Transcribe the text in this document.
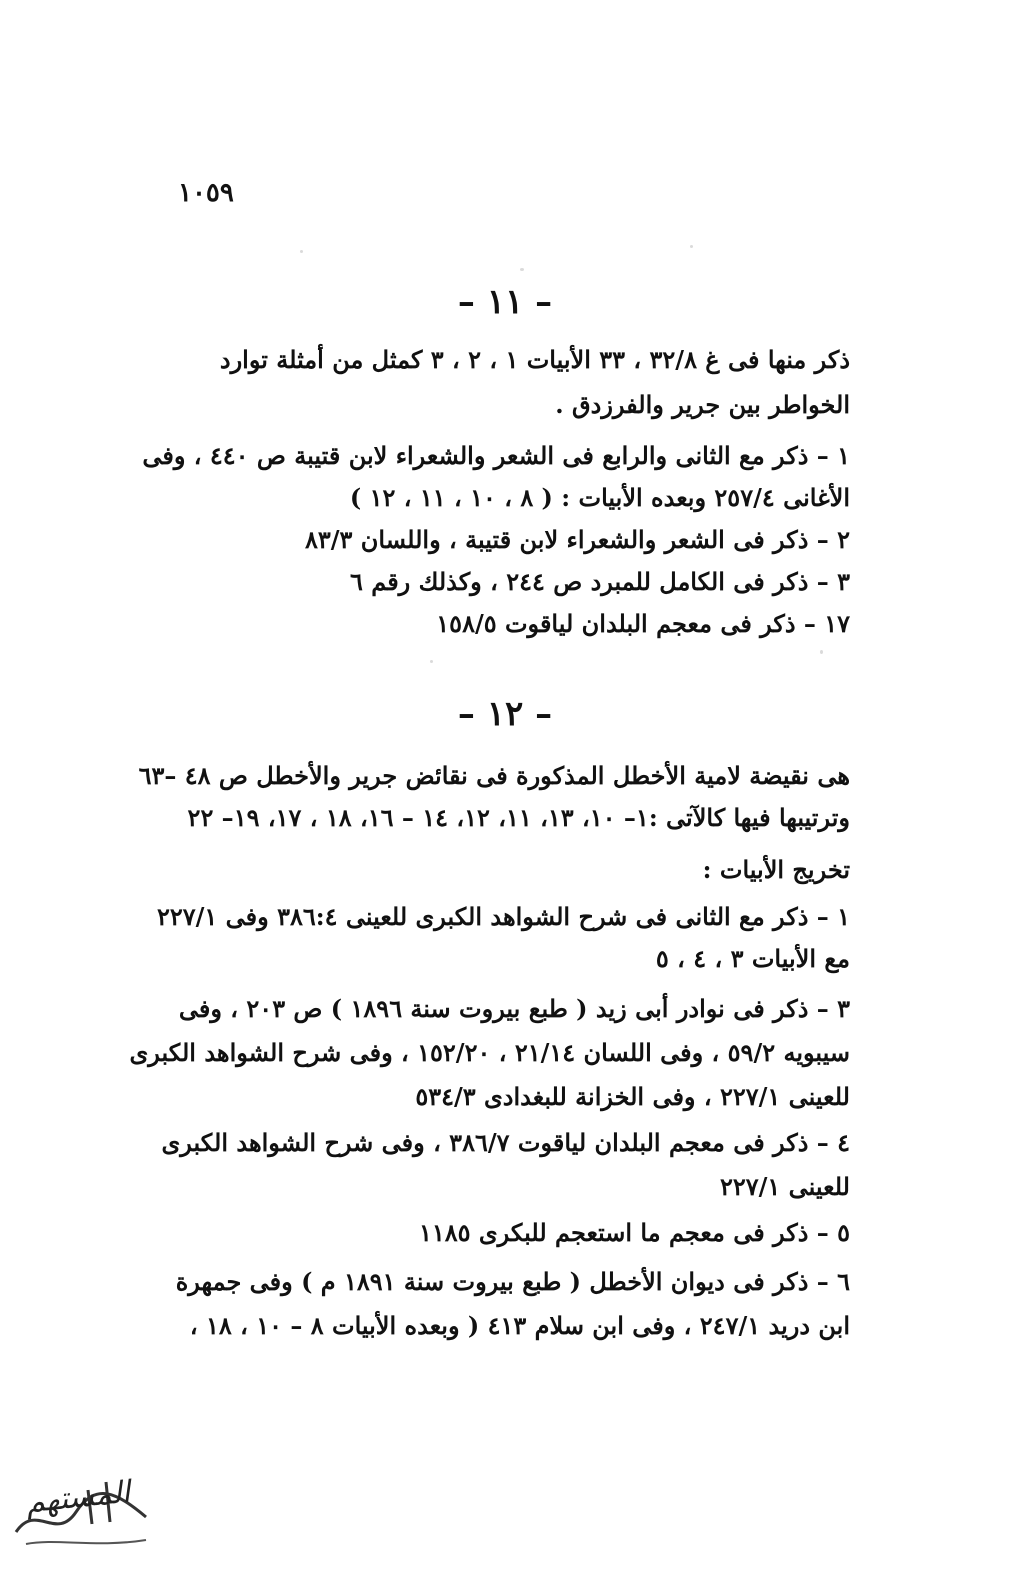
١٠٥٩
– ١١ –
ذكر منها فى غ ٣٢/٨ ، ٣٣ الأبيات ١ ، ٢ ، ٣ كمثل من أمثلة توارد
الخواطر بين جرير والفرزدق .
١ – ذكر مع الثانى والرابع فى الشعر والشعراء لابن قتيبة ص ٤٤٠ ، وفى
الأغانى ٢٥٧/٤ وبعده الأبيات : ( ٨ ، ١٠ ، ١١ ، ١٢ )
٢ – ذكر فى الشعر والشعراء لابن قتيبة ، واللسان ٨٣/٣
٣ – ذكر فى الكامل للمبرد ص ٢٤٤ ، وكذلك رقم ٦
١٧ – ذكر فى معجم البلدان لياقوت ١٥٨/٥
– ١٢ –
هى نقيضة لامية الأخطل المذكورة فى نقائض جرير والأخطل ص ٤٨ –٦٣
وترتيبها فيها كالآتى :١– ١٠، ١٣، ١١، ١٢، ١٤ – ١٦، ١٨ ، ١٧، ١٩– ٢٢
تخريج الأبيات :
١ – ذكر مع الثانى فى شرح الشواهد الكبرى للعينى ٣٨٦:٤ وفى ٢٢٧/١
مع الأبيات ٣ ، ٤ ، ٥
٣ – ذكر فى نوادر أبى زيد ( طبع بيروت سنة ١٨٩٦ ) ص ٢٠٣ ، وفى
سيبويه ٥٩/٢ ، وفى اللسان ٢١/١٤ ، ١٥٢/٢٠ ، وفى شرح الشواهد الكبرى
للعينى ٢٢٧/١ ، وفى الخزانة للبغدادى ٥٣٤/٣
٤ – ذكر فى معجم البلدان لياقوت ٣٨٦/٧ ، وفى شرح الشواهد الكبرى
للعينى ٢٢٧/١
٥ – ذكر فى معجم ما استعجم للبكرى ١١٨٥
٦ – ذكر فى ديوان الأخطل ( طبع بيروت سنة ١٨٩١ م ) وفى جمهرة
ابن دريد ٢٤٧/١ ، وفى ابن سلام ٤١٣ ( وبعده الأبيات ٨ – ١٠ ، ١٨ ،
المستهم
